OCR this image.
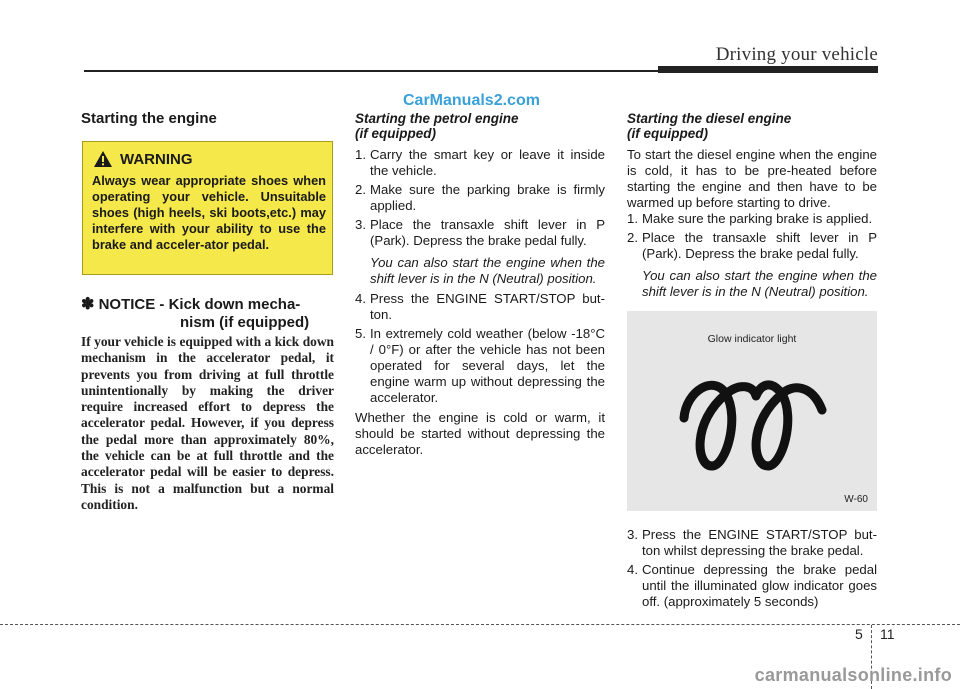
Driving your vehicle
CarManuals2.com
Starting the engine
WARNING
Always wear appropriate shoes when operating your vehicle. Unsuitable shoes (high heels, ski boots,etc.) may interfere with your ability to use the brake and acceler-ator pedal.
✽ NOTICE - Kick down mecha-
nism (if equipped)
If your vehicle is equipped with a kick down mechanism in the accelerator pedal, it prevents you from driving at full throttle unintentionally by making the driver require increased effort to depress the accelerator pedal. However, if you depress the pedal more than approximately 80%, the vehicle can be at full throttle and the accelerator pedal will be easier to depress. This is not a malfunction but a normal condition.
Starting the petrol engine
(if equipped)
1. Carry the smart key or leave it inside the vehicle.
2. Make sure the parking brake is firmly applied.
3. Place the transaxle shift lever in P (Park). Depress the brake pedal fully.
You can also start the engine when the shift lever is in the N (Neutral) position.
4. Press the ENGINE START/STOP but-ton.
5. In extremely cold weather (below -18°C / 0°F) or after the vehicle has not been operated for several days, let the engine warm up without depressing the accelerator.
Whether the engine is cold or warm, it should be started without depressing the accelerator.
Starting the diesel engine
(if equipped)
To start the diesel engine when the engine is cold, it has to be pre-heated before starting the engine and then have to be warmed up before starting to drive.
1. Make sure the parking brake is applied.
2. Place the transaxle shift lever in P (Park). Depress the brake pedal fully.
You can also start the engine when the shift lever is in the N (Neutral) position.
Glow indicator light
W-60
3. Press the ENGINE START/STOP but-ton whilst depressing the brake pedal.
4. Continue depressing the brake pedal until the illuminated glow indicator goes off. (approximately 5 seconds)
5 11
carmanualsonline.info
